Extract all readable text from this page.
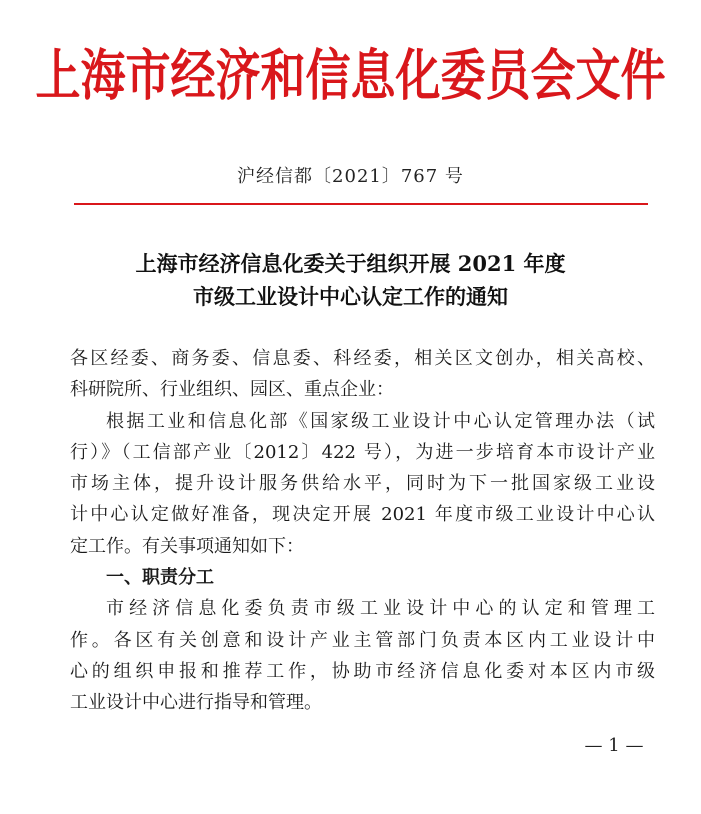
上海市经济和信息化委员会文件
沪经信都〔2021〕767 号
上海市经济信息化委关于组织开展 2021 年度
市级工业设计中心认定工作的通知
各区经委、商务委、信息委、科经委，相关区文创办，相关高校、
科研院所、行业组织、园区、重点企业：
根据工业和信息化部《国家级工业设计中心认定管理办法（试
行）》（工信部产业〔2012〕422 号），为进一步培育本市设计产业
市场主体，提升设计服务供给水平，同时为下一批国家级工业设
计中心认定做好准备，现决定开展 2021 年度市级工业设计中心认
定工作。有关事项通知如下：
一、职责分工
市经济信息化委负责市级工业设计中心的认定和管理工
作。各区有关创意和设计产业主管部门负责本区内工业设计中
心的组织申报和推荐工作，协助市经济信息化委对本区内市级
工业设计中心进行指导和管理。
— 1 —
